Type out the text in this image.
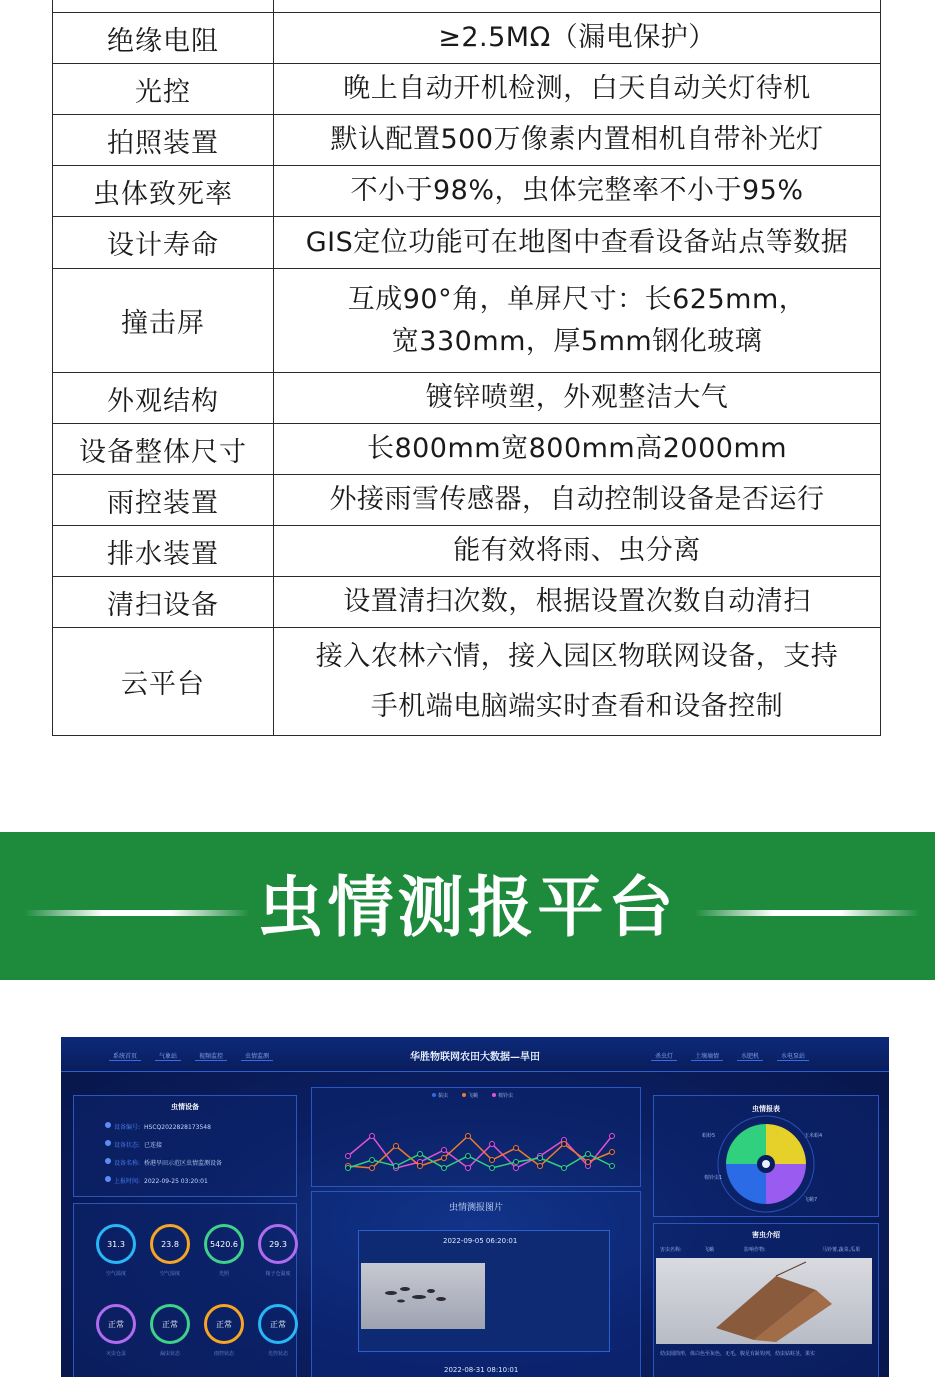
绝缘电阻	≥2.5MΩ（漏电保护）
光控	晚上自动开机检测，白天自动关灯待机
拍照装置	默认配置500万像素内置相机自带补光灯
虫体致死率	不小于98%，虫体完整率不小于95%
设计寿命	GIS定位功能可在地图中查看设备站点等数据
撞击屏	互成90°角，单屏尺寸：长625mm，
宽330mm，厚5mm钢化玻璃

外观结构	镀锌喷塑，外观整洁大气
设备整体尺寸	长800mm宽800mm高2000mm
雨控装置	外接雨雪传感器，自动控制设备是否运行
排水装置	能有效将雨、虫分离
清扫设备	设置清扫次数，根据设置次数自动清扫
云平台	接入农林六情，接入园区物联网设备，支持
手机端电脑端实时查看和设备控制
虫情测报平台
系统首页	气象站	视频监控	虫情监测	华胜物联网农田大数据—旱田	杀虫灯	土壤墒情	水肥机	水电泵站
虫情设备
设备编号: HSCQ2022828173548
设备状态: 已连接
设备名称: 桥港旱田示范区虫情监测设备
上报时间: 2022-09-25 03:20:01
31.3
空气温度
23.8
空气湿度
5420.6
光照
29.3
箱子仓温度
正常
灭虫仓盖
正常
漏虫状态
正常
雨控状态
正常
光控状态
黏虫	飞蛾	棉铃虫
虫情测报图片
2022-09-05 06:20:01
2022-08-31 08:10:01
虫情报表
螟蛉5
飞蛾7
棉铃虫1
玉米螟4
害虫介绍
害虫名称:	飞蛾	影响作物:	马铃薯,蔬菜,瓜果
幼虫圆筒形，体白色至灰色，无毛，腹足有趾钩列，幼虫钻蛀茎，果实
